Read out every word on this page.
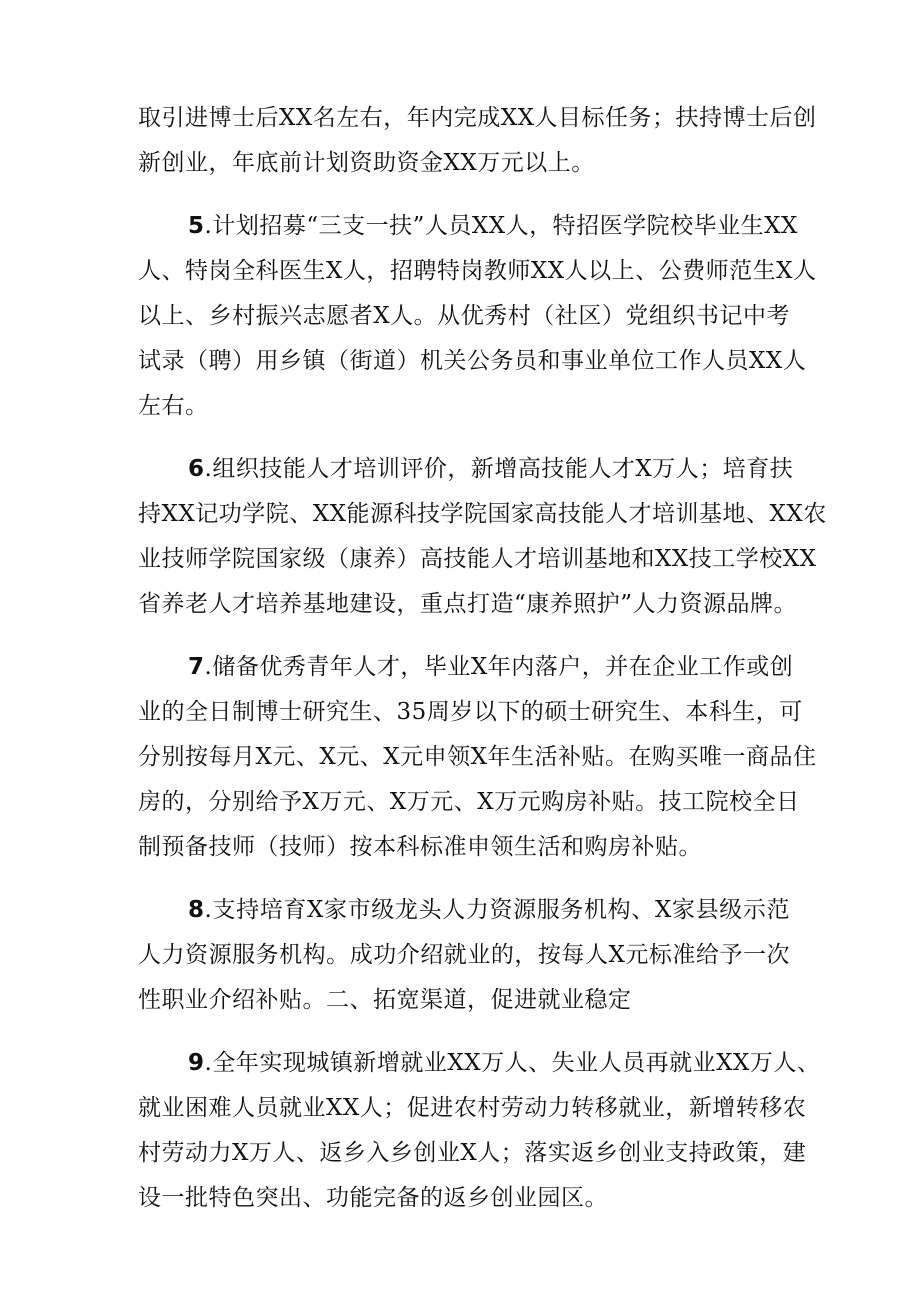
取引进博士后XX名左右，年内完成XX人目标任务；扶持博士后创
新创业，年底前计划资助资金XX万元以上。
5.计划招募“三支一扶”人员XX人，特招医学院校毕业生XX
人、特岗全科医生X人，招聘特岗教师XX人以上、公费师范生X人
以上、乡村振兴志愿者X人。从优秀村（社区）党组织书记中考
试录（聘）用乡镇（街道）机关公务员和事业单位工作人员XX人
左右。
6.组织技能人才培训评价，新增高技能人才X万人；培育扶
持XX记功学院、XX能源科技学院国家高技能人才培训基地、XX农
业技师学院国家级（康养）高技能人才培训基地和XX技工学校XX
省养老人才培养基地建设，重点打造“康养照护”人力资源品牌。
7.储备优秀青年人才，毕业X年内落户，并在企业工作或创
业的全日制博士研究生、35周岁以下的硕士研究生、本科生，可
分别按每月X元、X元、X元申领X年生活补贴。在购买唯一商品住
房的，分别给予X万元、X万元、X万元购房补贴。技工院校全日
制预备技师（技师）按本科标准申领生活和购房补贴。
8.支持培育X家市级龙头人力资源服务机构、X家县级示范
人力资源服务机构。成功介绍就业的，按每人X元标准给予一次
性职业介绍补贴。二、拓宽渠道，促进就业稳定
9.全年实现城镇新增就业XX万人、失业人员再就业XX万人、
就业困难人员就业XX人；促进农村劳动力转移就业，新增转移农
村劳动力X万人、返乡入乡创业X人；落实返乡创业支持政策，建
设一批特色突出、功能完备的返乡创业园区。
